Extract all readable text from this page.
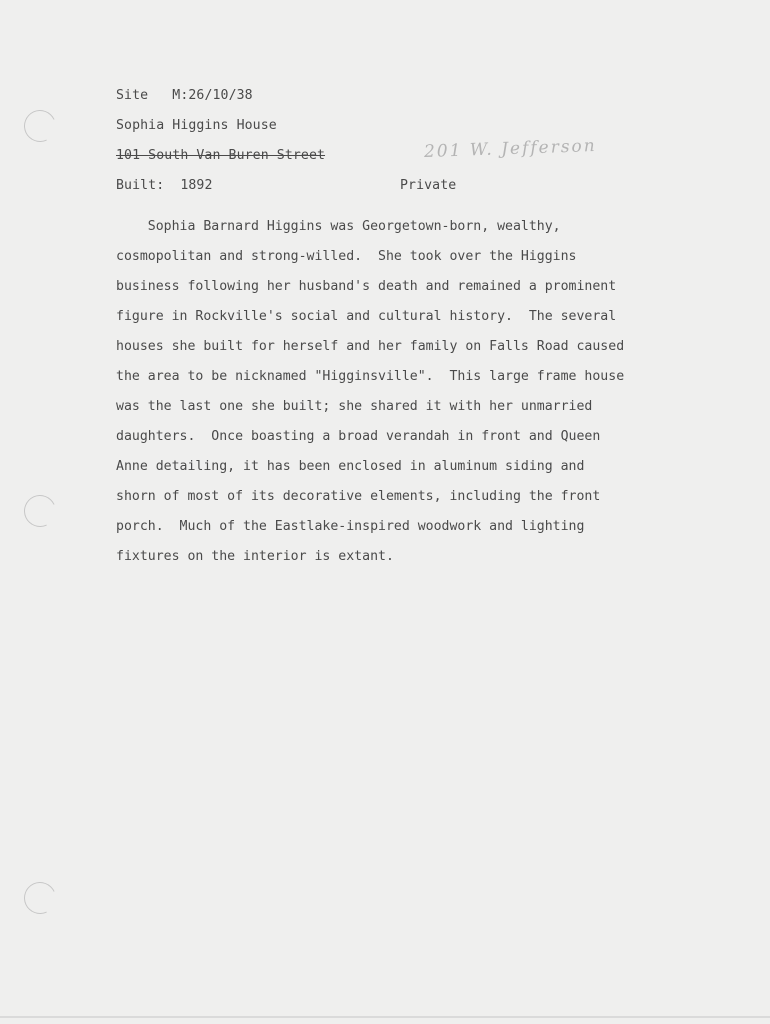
Site M:26/10/38
Sophia Higgins House
101 South Van Buren Street	201 W. Jefferson
Built: 1892	Private
Sophia Barnard Higgins was Georgetown-born, wealthy,
cosmopolitan and strong-willed.  She took over the Higgins
business following her husband's death and remained a prominent
figure in Rockville's social and cultural history.  The several
houses she built for herself and her family on Falls Road caused
the area to be nicknamed "Higginsville".  This large frame house
was the last one she built; she shared it with her unmarried
daughters.  Once boasting a broad verandah in front and Queen
Anne detailing, it has been enclosed in aluminum siding and
shorn of most of its decorative elements, including the front
porch.  Much of the Eastlake-inspired woodwork and lighting
fixtures on the interior is extant.
